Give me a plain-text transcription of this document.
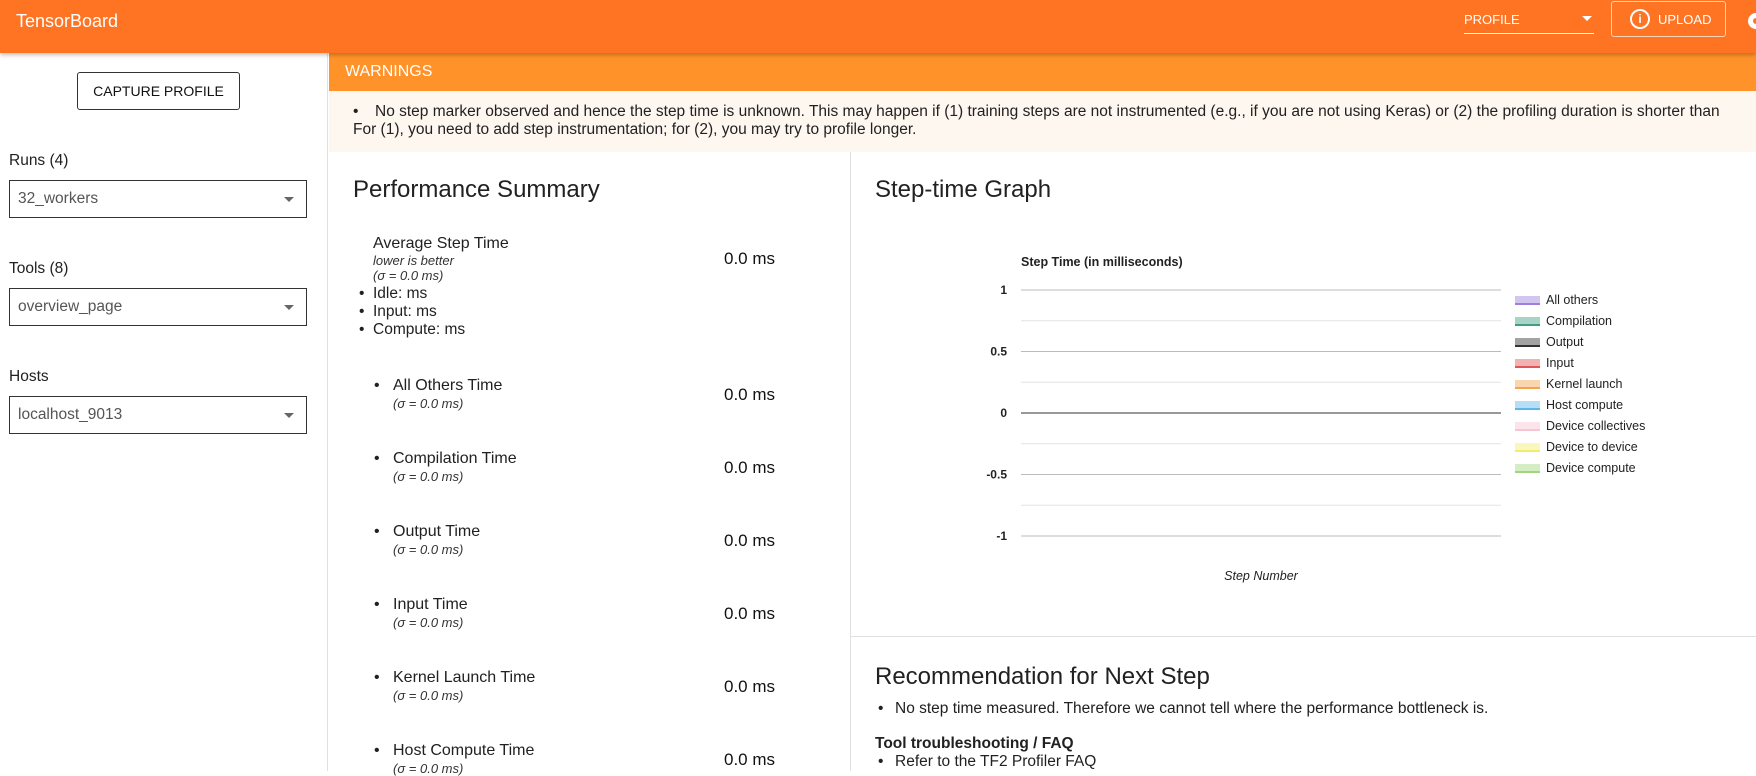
TensorBoard	PROFILE	i	UPLOAD
CAPTURE PROFILE
Runs (4)
32_workers
Tools (8)
overview_page
Hosts
localhost_9013
WARNINGS
• No step marker observed and hence the step time is unknown. This may happen if (1) training steps are not instrumented (e.g., if you are not using Keras) or (2) the profiling duration is shorter than
For (1), you need to add step instrumentation; for (2), you may try to profile longer.
Performance Summary
Average Step Time
lower is better
(σ = 0.0 ms)
0.0 ms
• Idle: ms
• Input: ms
• Compute: ms
• All Others Time
(σ = 0.0 ms)	0.0 ms
• Compilation Time
(σ = 0.0 ms)	0.0 ms
• Output Time
(σ = 0.0 ms)	0.0 ms
• Input Time
(σ = 0.0 ms)	0.0 ms
• Kernel Launch Time
(σ = 0.0 ms)	0.0 ms
• Host Compute Time
(σ = 0.0 ms)	0.0 ms
Step-time Graph
Step Time (in milliseconds)
1
0.5
0
-0.5
-1
Step Number
All others
Compilation
Output
Input
Kernel launch
Host compute
Device collectives
Device to device
Device compute
Recommendation for Next Step
• No step time measured. Therefore we cannot tell where the performance bottleneck is.
Tool troubleshooting / FAQ
• Refer to the TF2 Profiler FAQ
